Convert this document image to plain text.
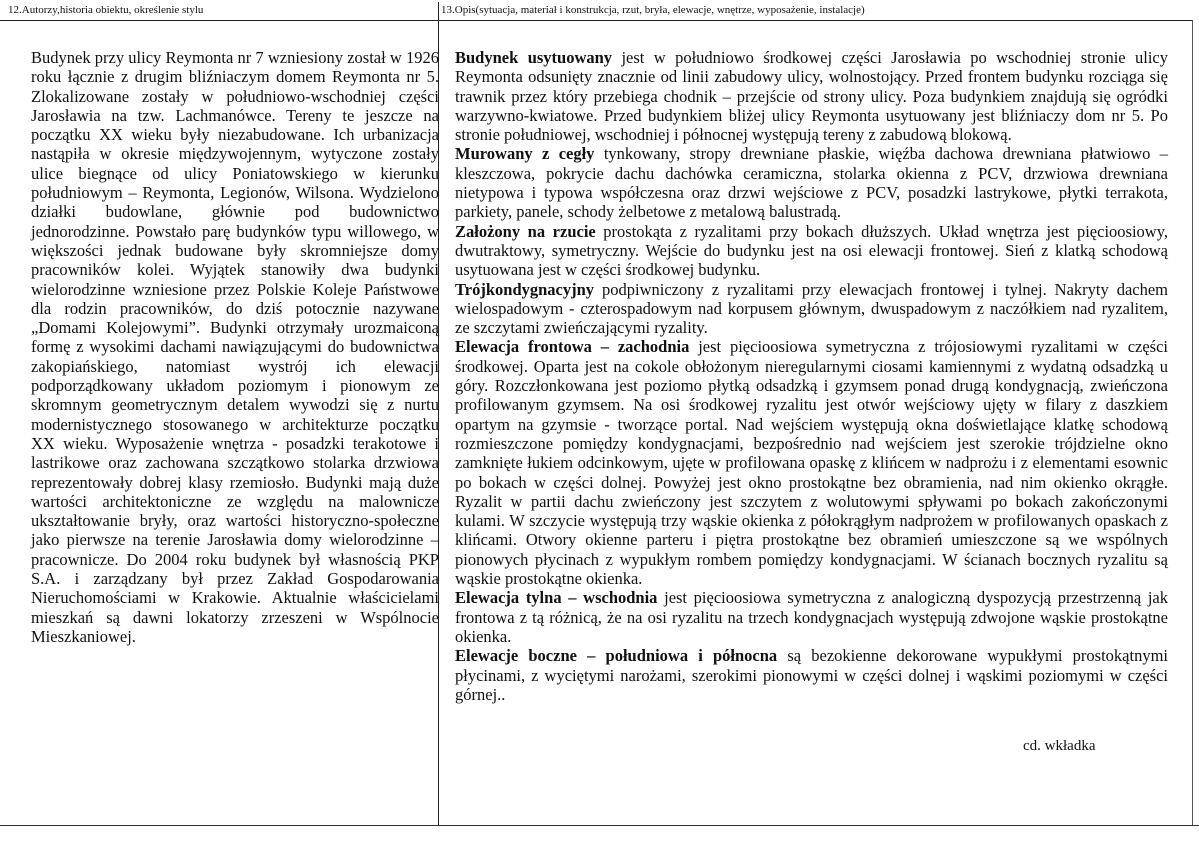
12.Autorzy,historia obiektu, określenie stylu	13.Opis(sytuacja, materiał i konstrukcja, rzut, bryła, elewacje, wnętrze, wyposażenie, instalacje)

Budynek przy ulicy Reymonta nr 7 wzniesiony został w 1926 roku łącznie z drugim bliźniaczym domem Reymonta nr 5. Zlokalizowane zostały w południowo-wschodniej części Jarosławia na tzw. Lachmanówce. Tereny te jeszcze na początku XX wieku były niezabudowane. Ich urbanizacja nastąpiła w okresie międzywojennym, wytyczone zostały ulice biegnące od ulicy Poniatowskiego w kierunku południowym – Reymonta, Legionów, Wilsona. Wydzielono działki budowlane, głównie pod budownictwo jednorodzinne. Powstało parę budynków typu willowego, w większości jednak budowane były skromniejsze domy pracowników kolei. Wyjątek stanowiły dwa budynki wielorodzinne wzniesione przez Polskie Koleje Państwowe dla rodzin pracowników, do dziś potocznie nazywane „Domami Kolejowymi”. Budynki otrzymały urozmaiconą formę z wysokimi dachami nawiązującymi do budownictwa zakopiańskiego, natomiast wystrój ich elewacji podporządkowany układom poziomym i pionowym ze skromnym geometrycznym detalem wywodzi się z nurtu modernistycznego stosowanego w architekturze początku XX wieku. Wyposażenie wnętrza - posadzki terakotowe i lastrikowe oraz zachowana szczątkowo stolarka drzwiowa reprezentowały dobrej klasy rzemiosło. Budynki mają duże wartości architektoniczne ze względu na malownicze ukształtowanie bryły, oraz wartości historyczno-społeczne jako pierwsze na terenie Jarosławia domy wielorodzinne – pracownicze. Do 2004 roku budynek był własnością PKP S.A. i zarządzany był przez Zakład Gospodarowania Nieruchomościami w Krakowie. Aktualnie właścicielami mieszkań są dawni lokatorzy zrzeszeni w Wspólnocie Mieszkaniowej.

Budynek usytuowany jest w południowo środkowej części Jarosławia po wschodniej stronie ulicy Reymonta odsunięty znacznie od linii zabudowy ulicy, wolnostojący. Przed frontem budynku rozciąga się trawnik przez który przebiega chodnik – przejście od strony ulicy. Poza budynkiem znajdują się ogródki warzywno-kwiatowe. Przed budynkiem bliżej ulicy Reymonta usytuowany jest bliźniaczy dom nr 5. Po stronie południowej, wschodniej i północnej występują tereny z zabudową blokową.

Murowany z cegły tynkowany, stropy drewniane płaskie, więźba dachowa drewniana płatwiowo – kleszczowa, pokrycie dachu dachówka ceramiczna, stolarka okienna z PCV, drzwiowa drewniana nietypowa i typowa współczesna oraz drzwi wejściowe z PCV, posadzki lastrykowe, płytki terrakota, parkiety, panele, schody żelbetowe z metalową balustradą.

Założony na rzucie prostokąta z ryzalitami przy bokach dłuższych. Układ wnętrza jest pięcioosiowy, dwutraktowy, symetryczny. Wejście do budynku jest na osi elewacji frontowej. Sień z klatką schodową usytuowana jest w części środkowej budynku.

Trójkondygnacyjny podpiwniczony z ryzalitami przy elewacjach frontowej i tylnej. Nakryty dachem wielospadowym - czterospadowym nad korpusem głównym, dwuspadowym z naczółkiem nad ryzalitem, ze szczytami zwieńczającymi ryzality.

Elewacja frontowa – zachodnia jest pięcioosiowa symetryczna z trójosiowymi ryzalitami w części środkowej. Oparta jest na cokole obłożonym nieregularnymi ciosami kamiennymi z wydatną odsadzką u góry. Rozczłonkowana jest poziomo płytką odsadzką i gzymsem ponad drugą kondygnacją, zwieńczona profilowanym gzymsem. Na osi środkowej ryzalitu jest otwór wejściowy ujęty w filary z daszkiem opartym na gzymsie - tworzące portal. Nad wejściem występują okna doświetlające klatkę schodową rozmieszczone pomiędzy kondygnacjami, bezpośrednio nad wejściem jest szerokie trójdzielne okno zamknięte łukiem odcinkowym, ujęte w profilowana opaskę z klińcem w nadprożu i z elementami esownic po bokach w części dolnej. Powyżej jest okno prostokątne bez obramienia, nad nim okienko okrągłe. Ryzalit w partii dachu zwieńczony jest szczytem z wolutowymi spływami po bokach zakończonymi kulami. W szczycie występują trzy wąskie okienka z półokrągłym nadprożem w profilowanych opaskach z klińcami. Otwory okienne parteru i piętra prostokątne bez obramień umieszczone są we wspólnych pionowych płycinach z wypukłym rombem pomiędzy kondygnacjami. W ścianach bocznych ryzalitu są wąskie prostokątne okienka.

Elewacja tylna – wschodnia jest pięcioosiowa symetryczna z analogiczną dyspozycją przestrzenną jak frontowa z tą różnicą, że na osi ryzalitu na trzech kondygnacjach występują zdwojone wąskie prostokątne okienka.

Elewacje boczne – południowa i północna są bezokienne dekorowane wypukłymi prostokątnymi płycinami, z wyciętymi narożami, szerokimi pionowymi w części dolnej i wąskimi poziomymi w części górnej..

cd. wkładka
